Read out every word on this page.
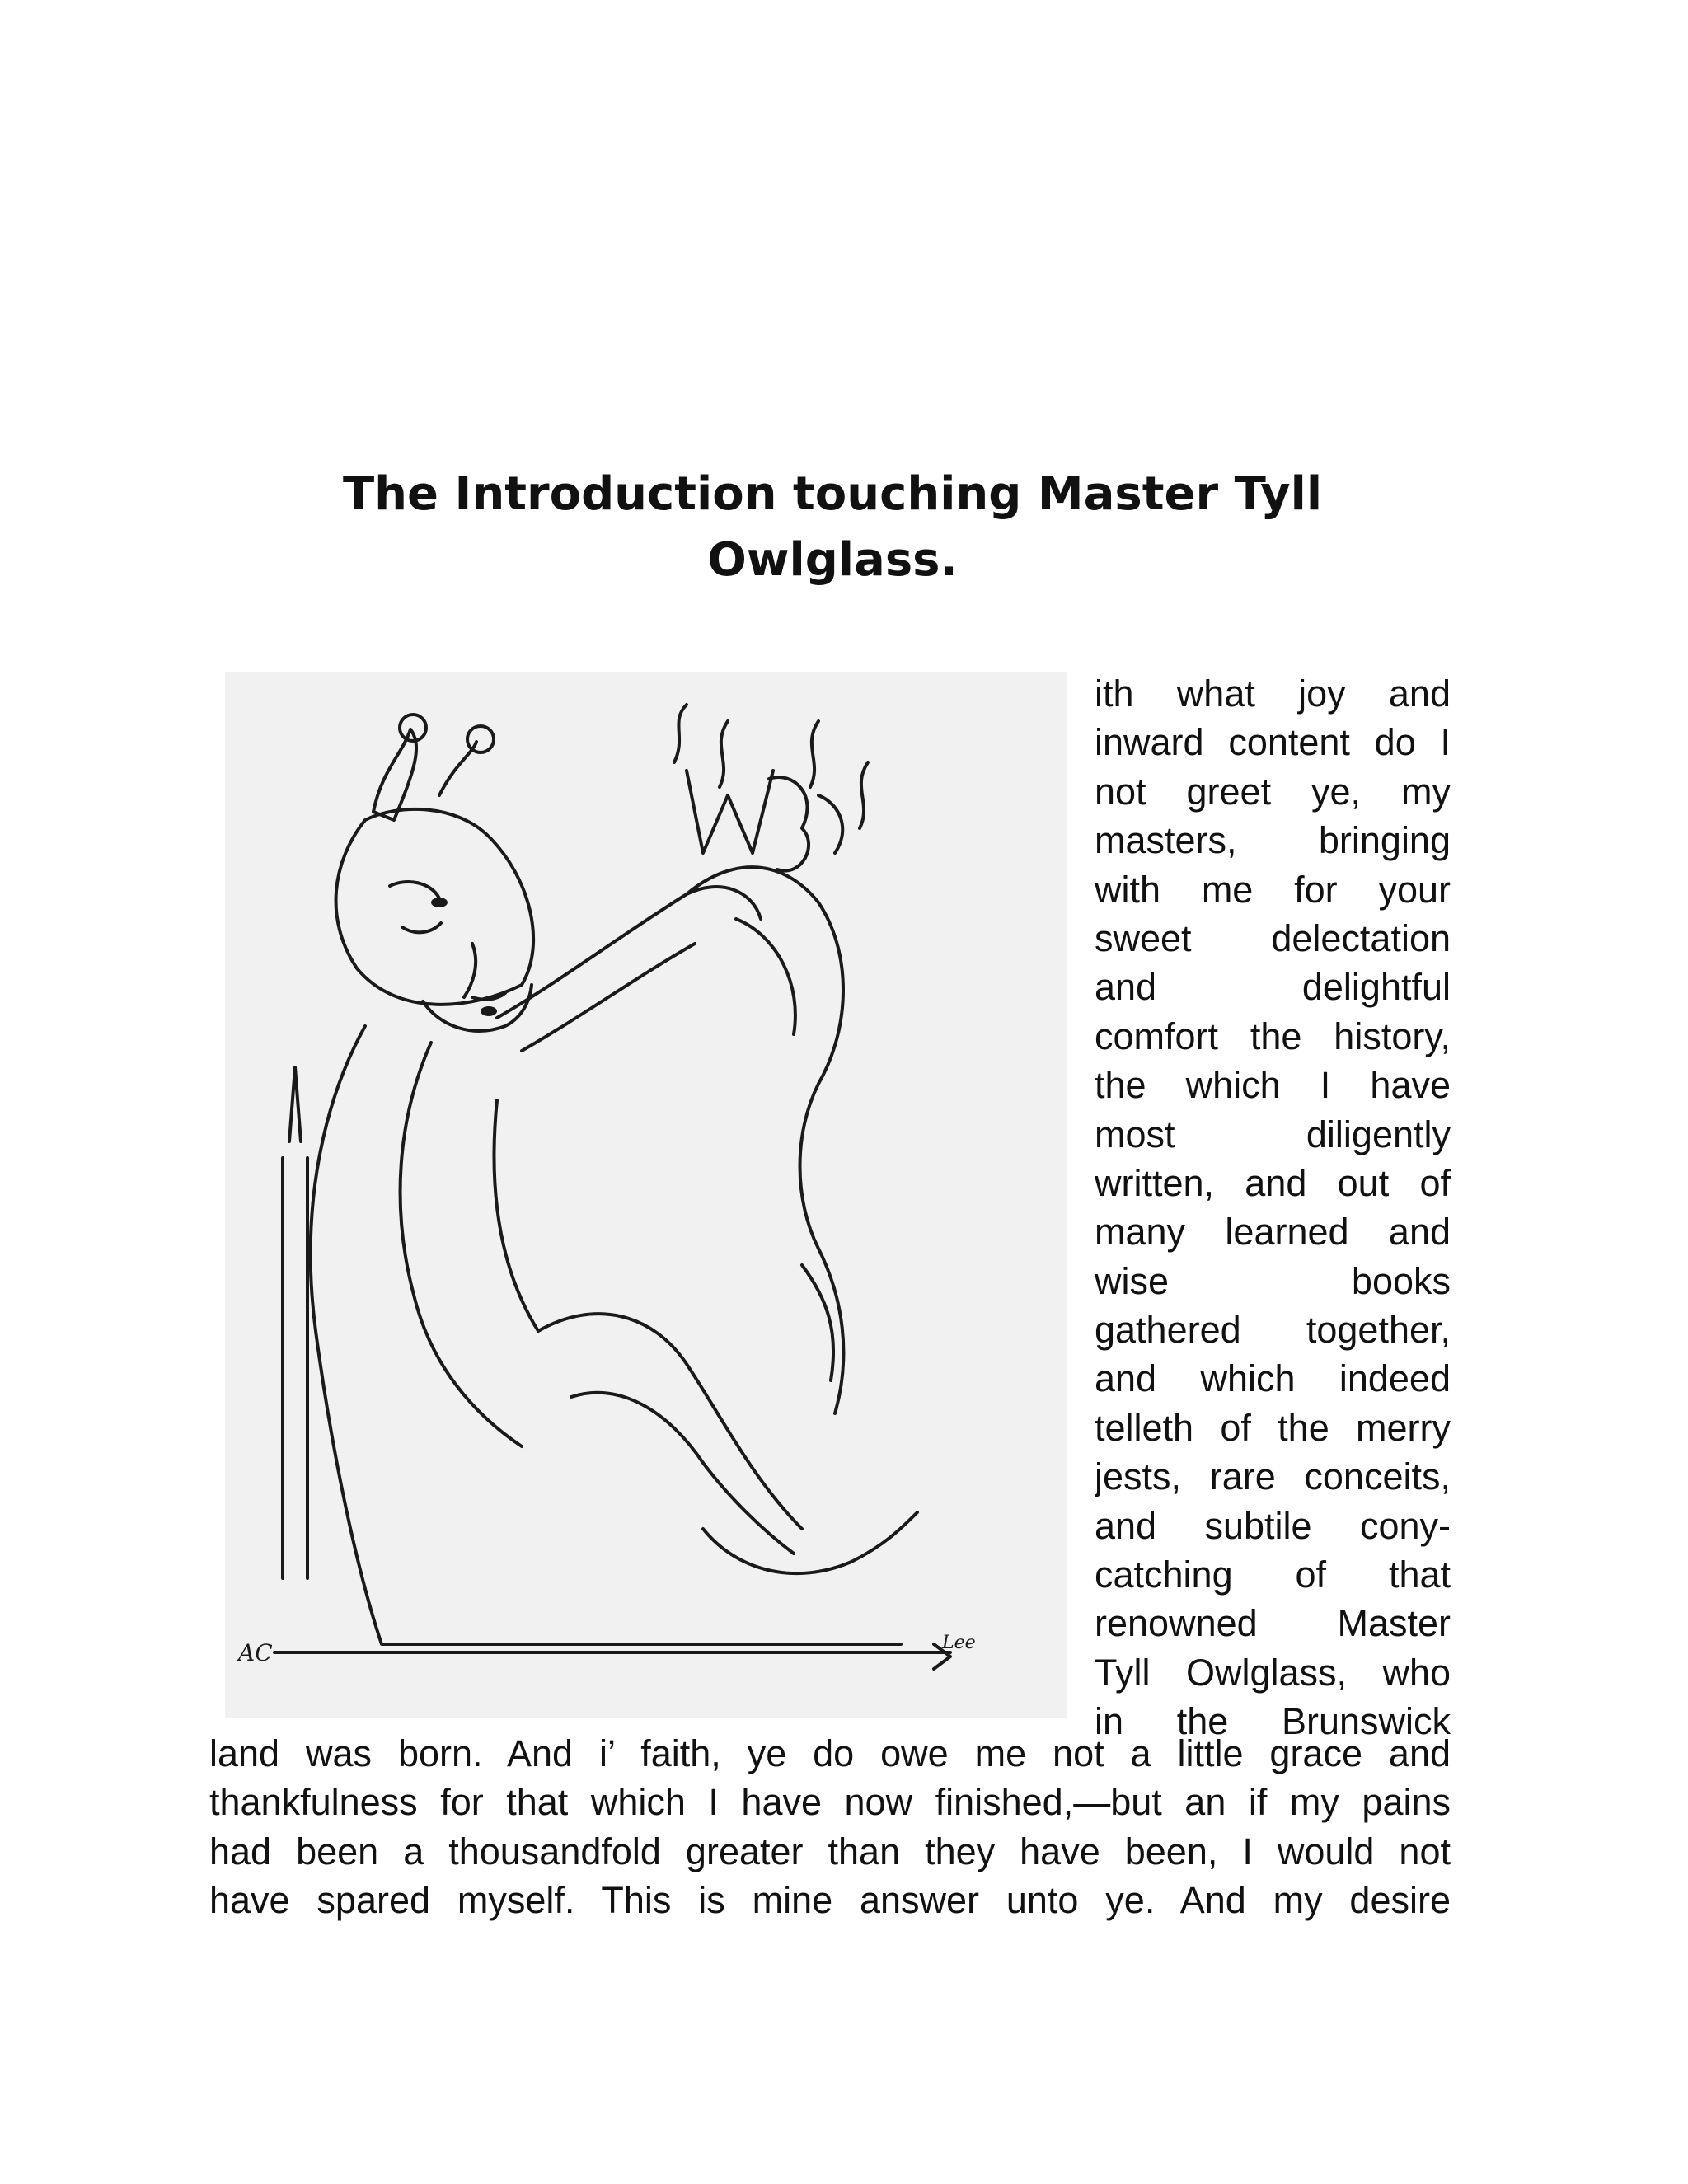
The Introduction touching Master Tyll
Owlglass.
AC	Lee
ith what joy and
inward content do I
not greet ye, my
masters, bringing
with me for your
sweet delectation
and delightful
comfort the history,
the which I have
most diligently
written, and out of
many learned and
wise books
gathered together,
and which indeed
telleth of the merry
jests, rare conceits,
and subtile cony-
catching of that
renowned Master
Tyll Owlglass, who
in the Brunswick
land was born. And i’ faith, ye do owe me not a little grace and
thankfulness for that which I have now finished,—but an if my pains
had been a thousandfold greater than they have been, I would not
have spared myself. This is mine answer unto ye. And my desire
